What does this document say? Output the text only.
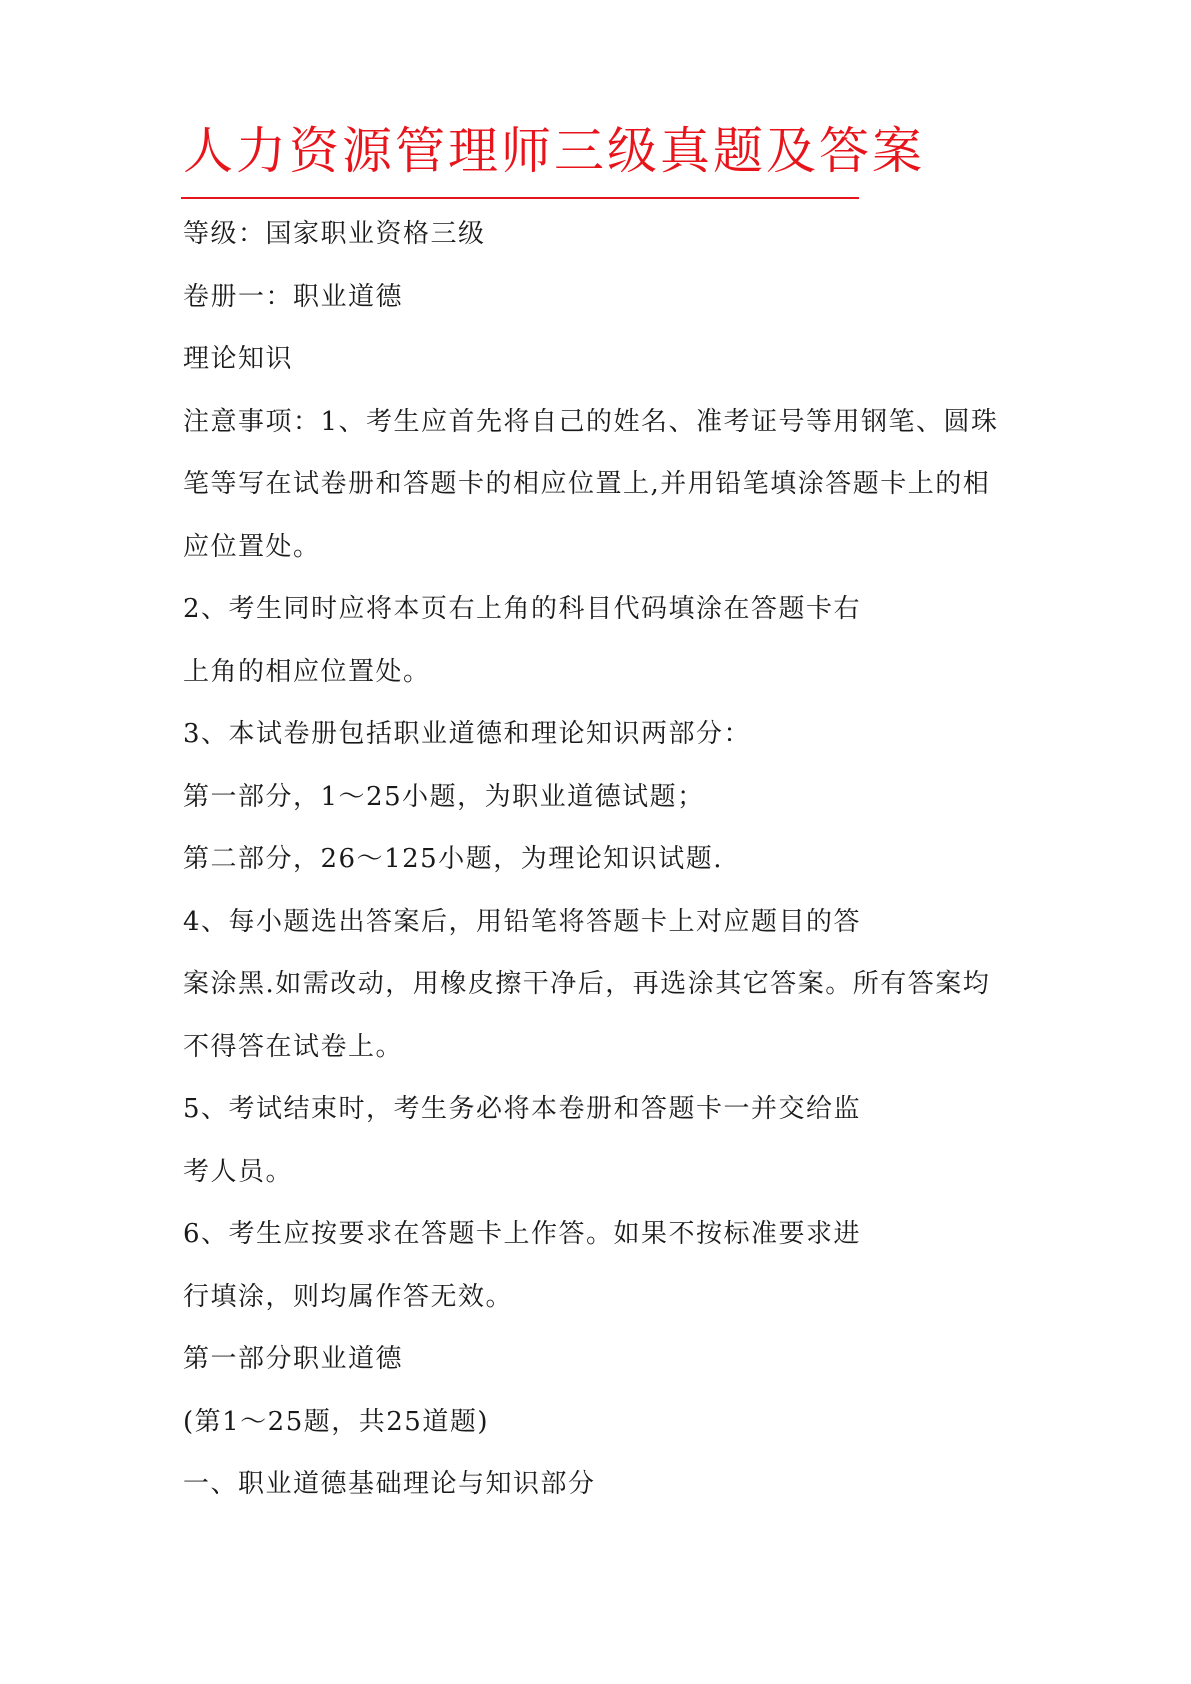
人力资源管理师三级真题及答案

等级：国家职业资格三级

卷册一：职业道德

理论知识

注意事项：1、考生应首先将自己的姓名、准考证号等用钢笔、圆珠

笔等写在试卷册和答题卡的相应位置上,并用铅笔填涂答题卡上的相

应位置处。

2、考生同时应将本页右上角的科目代码填涂在答题卡右

上角的相应位置处。

3、本试卷册包括职业道德和理论知识两部分：

第一部分，1～25小题，为职业道德试题；

第二部分，26～125小题，为理论知识试题.

4、每小题选出答案后，用铅笔将答题卡上对应题目的答

案涂黑.如需改动，用橡皮擦干净后，再选涂其它答案。所有答案均

不得答在试卷上。

5、考试结束时，考生务必将本卷册和答题卡一并交给监

考人员。

6、考生应按要求在答题卡上作答。如果不按标准要求进

行填涂，则均属作答无效。

第一部分职业道德

(第1～25题，共25道题)

一、职业道德基础理论与知识部分
